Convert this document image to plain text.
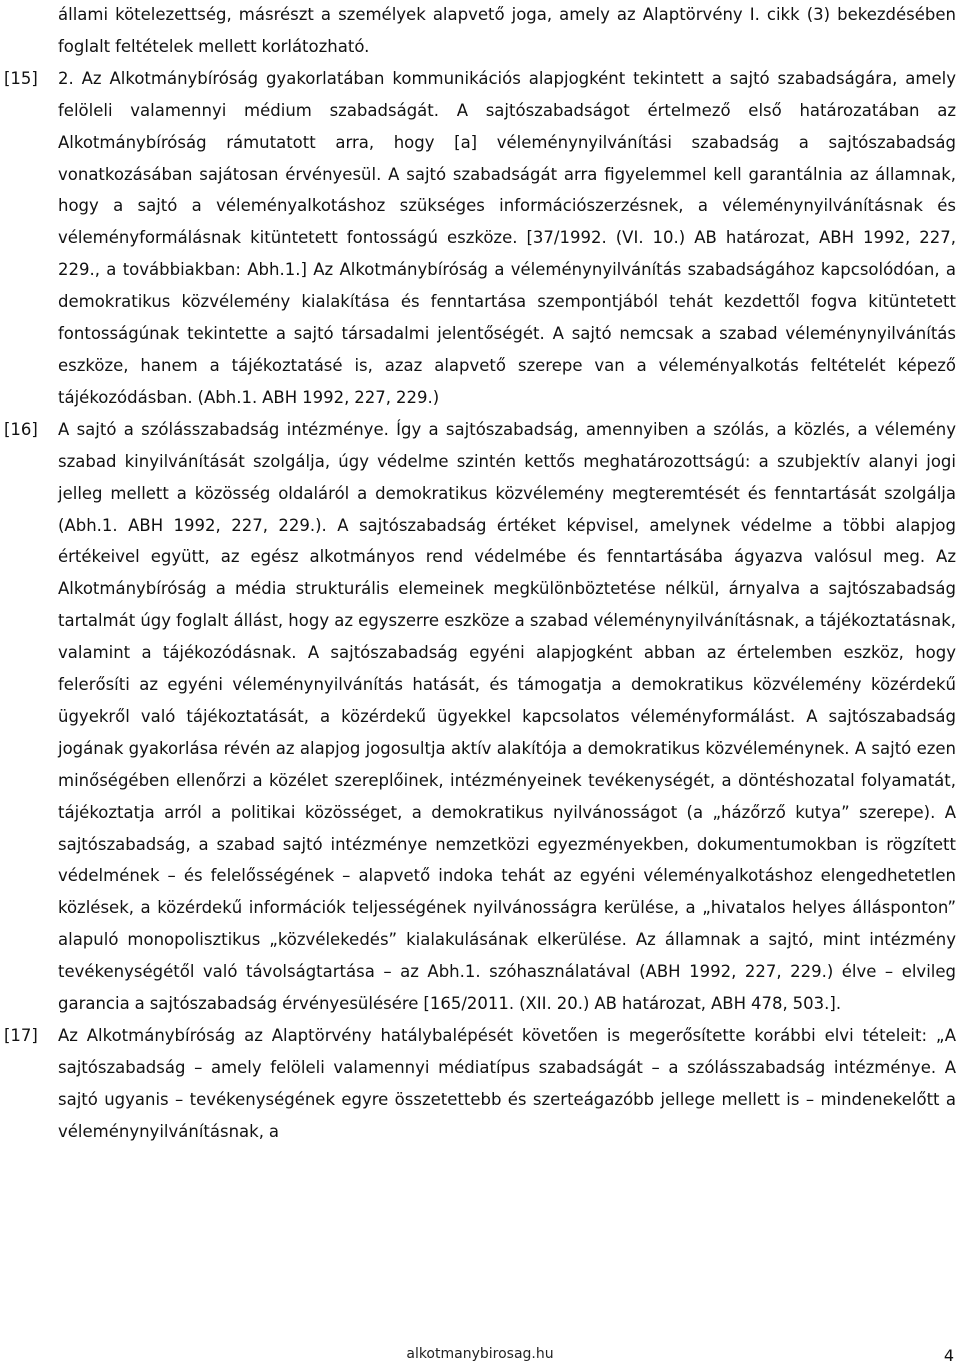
állami kötelezettség, másrészt a személyek alapvető joga, amely az Alaptörvény I. cikk (3) bekezdésében foglalt feltételek mellett korlátozható.
[15] 2. Az Alkotmánybíróság gyakorlatában kommunikációs alapjogként tekintett a sajtó szabadságára, amely felöleli valamennyi médium szabadságát. A sajtószabadságot értelmező első határozatában az Alkotmánybíróság rámutatott arra, hogy [a] véleménynyilvánítási szabadság a sajtószabadság vonatkozásában sajátosan érvényesül. A sajtó szabadságát arra figyelemmel kell garantálnia az államnak, hogy a sajtó a véleményalkotáshoz szükséges információszerzésnek, a véleménynyilvánításnak és véleményformálásnak kitüntetett fontosságú eszköze. [37/1992. (VI. 10.) AB határozat, ABH 1992, 227, 229., a továbbiakban: Abh.1.] Az Alkotmánybíróság a véleménynyilvánítás szabadságához kapcsolódóan, a demokratikus közvélemény kialakítása és fenntartása szempontjából tehát kezdettől fogva kitüntetett fontosságúnak tekintette a sajtó társadalmi jelentőségét. A sajtó nemcsak a szabad véleménynyilvánítás eszköze, hanem a tájékoztatásé is, azaz alapvető szerepe van a véleményalkotás feltételét képező tájékozódásban. (Abh.1. ABH 1992, 227, 229.)
[16] A sajtó a szólásszabadság intézménye. Így a sajtószabadság, amennyiben a szólás, a közlés, a vélemény szabad kinyilvánítását szolgálja, úgy védelme szintén kettős meghatározottságú: a szubjektív alanyi jogi jelleg mellett a közösség oldaláról a demokratikus közvélemény megteremtését és fenntartását szolgálja (Abh.1. ABH 1992, 227, 229.). A sajtószabadság értéket képvisel, amelynek védelme a többi alapjog értékeivel együtt, az egész alkotmányos rend védelmébe és fenntartásába ágyazva valósul meg. Az Alkotmánybíróság a média strukturális elemeinek megkülönböztetése nélkül, árnyalva a sajtószabadság tartalmát úgy foglalt állást, hogy az egyszerre eszköze a szabad véleménynyilvánításnak, a tájékoztatásnak, valamint a tájékozódásnak. A sajtószabadság egyéni alapjogként abban az értelemben eszköz, hogy felerősíti az egyéni véleménynyilvánítás hatását, és támogatja a demokratikus közvélemény közérdekű ügyekről való tájékoztatását, a közérdekű ügyekkel kapcsolatos véleményformálást. A sajtószabadság jogának gyakorlása révén az alapjog jogosultja aktív alakítója a demokratikus közvéleménynek. A sajtó ezen minőségében ellenőrzi a közélet szereplőinek, intézményeinek tevékenységét, a döntéshozatal folyamatát, tájékoztatja arról a politikai közösséget, a demokratikus nyilvánosságot (a „házőrző kutya” szerepe). A sajtószabadság, a szabad sajtó intézménye nemzetközi egyezményekben, dokumentumokban is rögzített védelmének – és felelősségének – alapvető indoka tehát az egyéni véleményalkotáshoz elengedhetetlen közlések, a közérdekű információk teljességének nyilvánosságra kerülése, a „hivatalos helyes állásponton” alapuló monopolisztikus „közvélekedés” kialakulásának elkerülése. Az államnak a sajtó, mint intézmény tevékenységétől való távolságtartása – az Abh.1. szóhasználatával (ABH 1992, 227, 229.) élve – elvileg garancia a sajtószabadság érvényesülésére [165/2011. (XII. 20.) AB határozat, ABH 478, 503.].
[17] Az Alkotmánybíróság az Alaptörvény hatálybalépését követően is megerősítette korábbi elvi tételeit: „A sajtószabadság – amely felöleli valamennyi médiatípus szabadságát – a szólásszabadság intézménye. A sajtó ugyanis – tevékenységének egyre összetettebb és szerteágazóbb jellege mellett is – mindenekelőtt a véleménynyilvánításnak, a
alkotmanybirosag.hu	4
